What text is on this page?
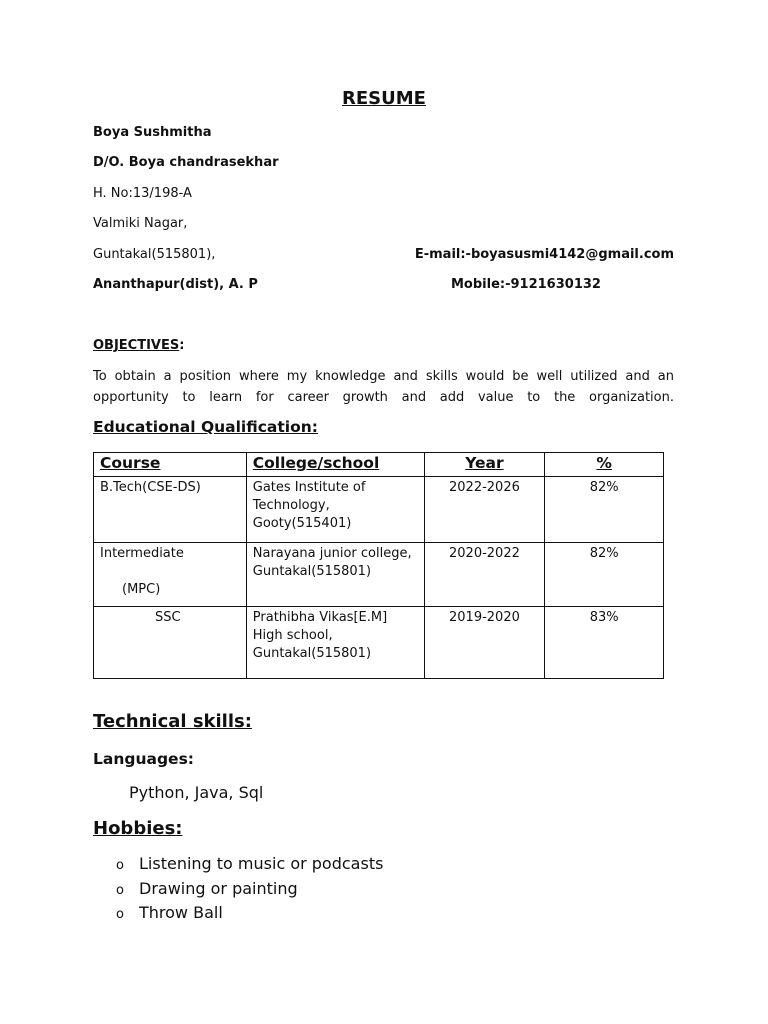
RESUME
Boya Sushmitha
D/O. Boya chandrasekhar
H. No:13/198-A
Valmiki Nagar,
Guntakal(515801),
Ananthapur(dist), A. P
E-mail:-boyasusmi4142@gmail.com
Mobile:-9121630132
OBJECTIVES:
To obtain a position where my knowledge and skills would be well utilized and an opportunity to learn for career growth and add value to the organization.
Educational Qualification:
Course	College/school	Year	%
B.Tech(CSE-DS)	Gates Institute of Technology, Gooty(515401)	2022-2026	82%

Intermediate
(MPC)	Narayana junior college, Guntakal(515801)	2020-2022	82%
SSC	Prathibha Vikas[E.M] High school, Guntakal(515801)	2019-2020	83%
Technical skills:
Languages:
Python, Java, Sql
Hobbies:
o Listening to music or podcasts
o Drawing or painting
o Throw Ball
